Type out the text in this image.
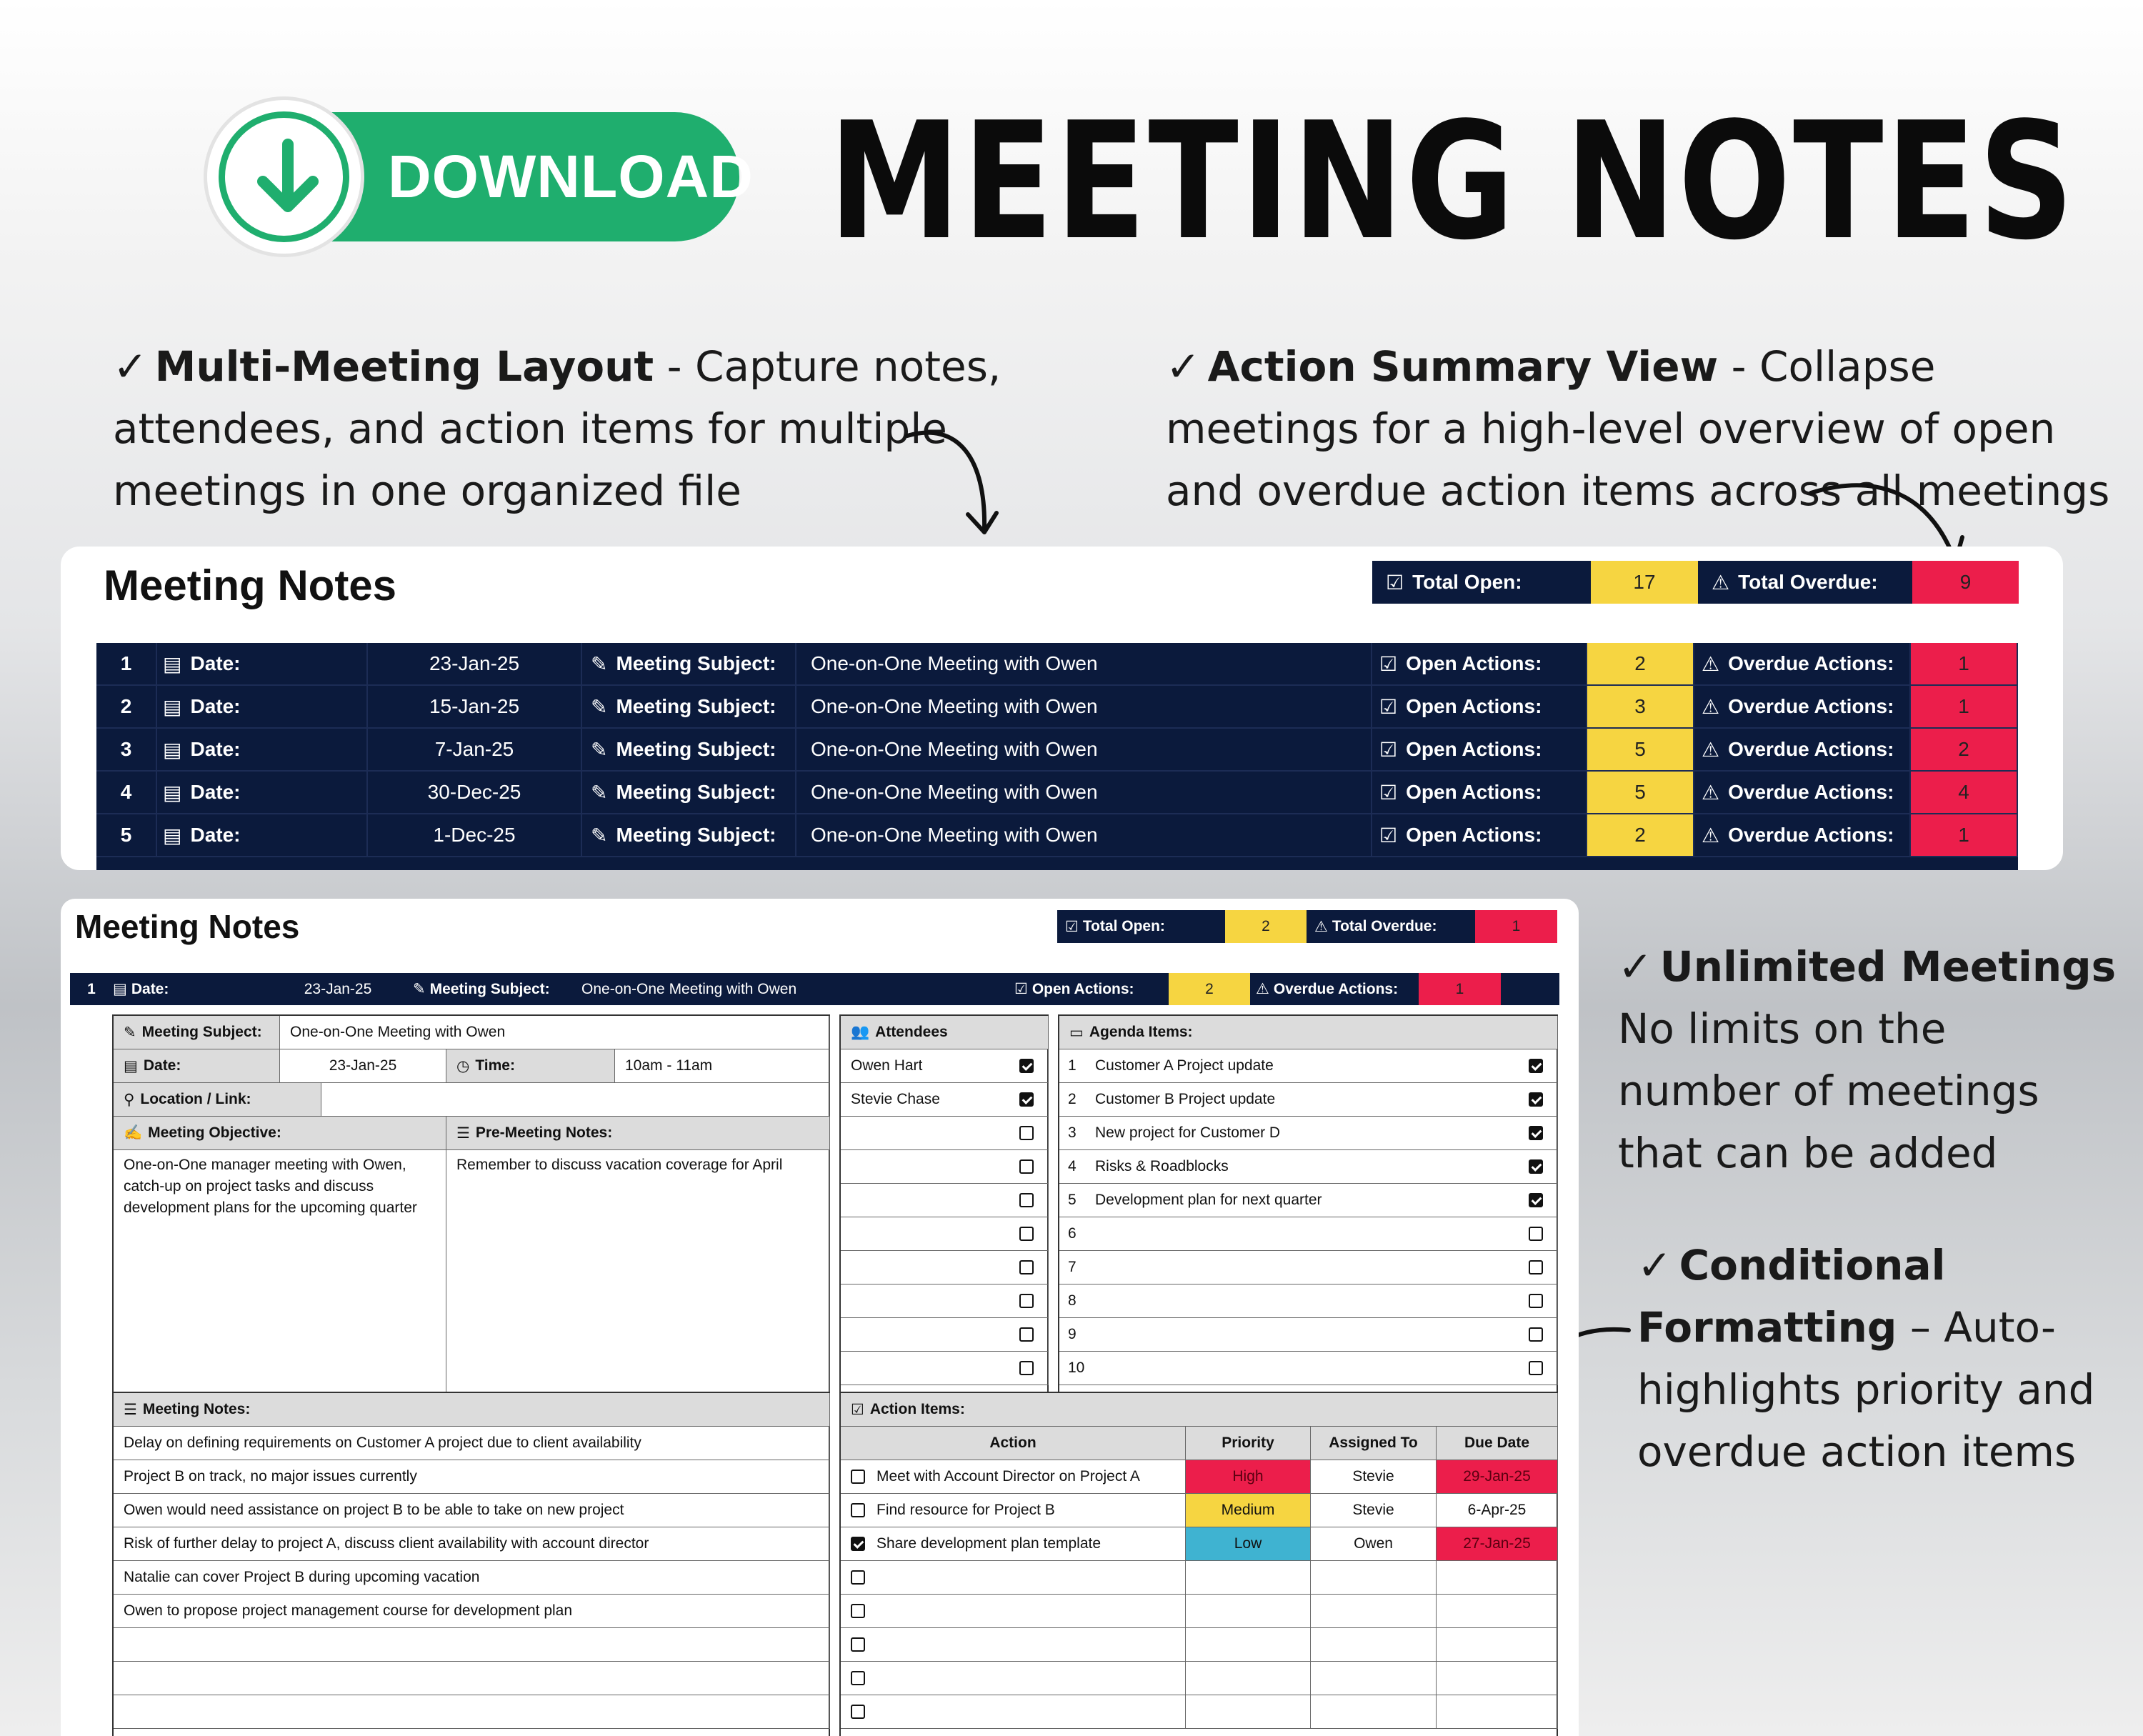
DOWNLOAD MEETING NOTES
✓ Multi-Meeting Layout - Capture notes, attendees, and action items for multiple meetings in one organized file
✓ Action Summary View - Collapse meetings for a high-level overview of open and overdue action items across all meetings
✓ Unlimited Meetings
No limits on the number of meetings that can be added
✓ Conditional Formatting – Auto-highlights priority and overdue action items
Meeting Notes	☑ Total Open:	17	⚠ Total Overdue:	9
1	▤ Date:	23-Jan-25	✎ Meeting Subject:	One-on-One Meeting with Owen	☑ Open Actions:	2	⚠ Overdue Actions:	1
2	▤ Date:	15-Jan-25	✎ Meeting Subject:	One-on-One Meeting with Owen	☑ Open Actions:	3	⚠ Overdue Actions:	1
3	▤ Date:	7-Jan-25	✎ Meeting Subject:	One-on-One Meeting with Owen	☑ Open Actions:	5	⚠ Overdue Actions:	2
4	▤ Date:	30-Dec-25	✎ Meeting Subject:	One-on-One Meeting with Owen	☑ Open Actions:	5	⚠ Overdue Actions:	4
5	▤ Date:	1-Dec-25	✎ Meeting Subject:	One-on-One Meeting with Owen	☑ Open Actions:	2	⚠ Overdue Actions:	1
Meeting Notes	☑ Total Open:	2	⚠ Total Overdue:	1
1	▤ Date:	23-Jan-25	✎ Meeting Subject:	One-on-One Meeting with Owen	☑ Open Actions:	2	⚠ Overdue Actions:	1
✎ Meeting Subject:	One-on-One Meeting with Owen
▤ Date:	23-Jan-25	◷ Time:	10am - 11am
⚲ Location / Link:
✍ Meeting Objective:	☰ Pre-Meeting Notes:
One-on-One manager meeting with Owen, catch-up on project tasks and discuss development plans for the upcoming quarter
Remember to discuss vacation coverage for April
👥 Attendees
Owen Hart
Stevie Chase
▭ Agenda Items:
1	Customer A Project update
2	Customer B Project update
3	New project for Customer D
4	Risks & Roadblocks
5	Development plan for next quarter
6
7
8
9
10
☰ Meeting Notes:
Delay on defining requirements on Customer A project due to client availability
Project B on track, no major issues currently
Owen would need assistance on project B to be able to take on new project
Risk of further delay to project A, discuss client availability with account director
Natalie can cover Project B during upcoming vacation
Owen to propose project management course for development plan
☑ Action Items:
Action	Priority	Assigned To	Due Date
Meet with Account Director on Project A	High	Stevie	29-Jan-25
Find resource for Project B	Medium	Stevie	6-Apr-25
Share development plan template	Low	Owen	27-Jan-25
